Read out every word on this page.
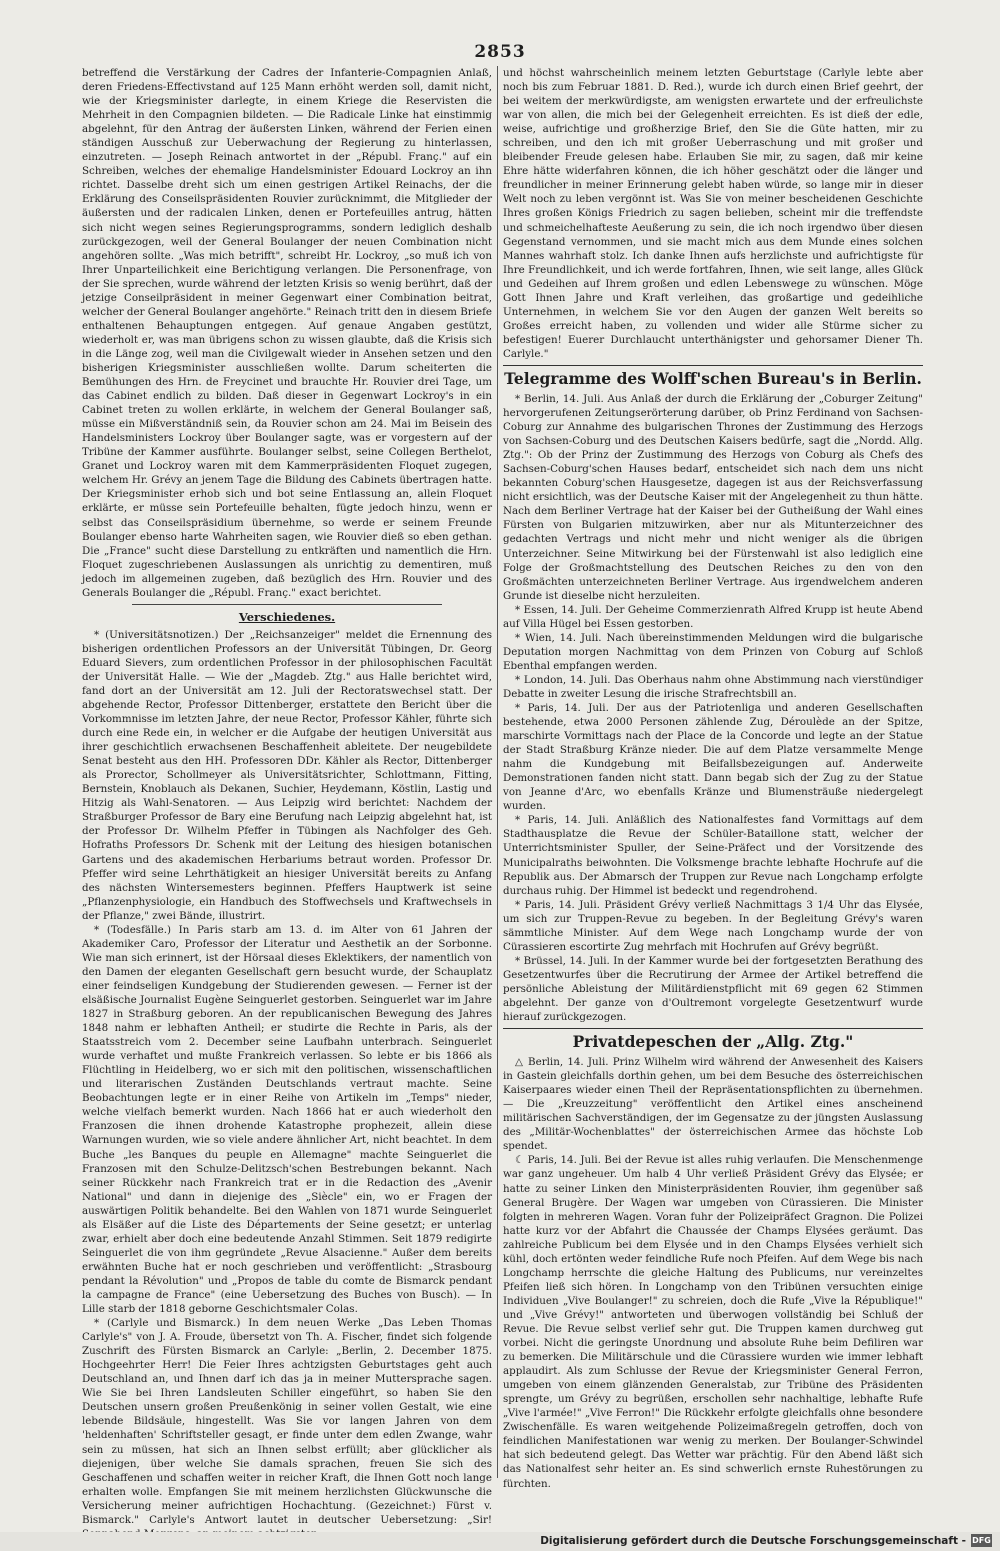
2853

betreffend die Verstärkung der Cadres der Infanterie-Compagnien Anlaß, deren Friedens-Effectivstand auf 125 Mann erhöht werden soll, damit nicht, wie der Kriegsminister darlegte, in einem Kriege die Reservisten die Mehrheit in den Compagnien bildeten. — Die Radicale Linke hat einstimmig abgelehnt, für den Antrag der äußersten Linken, während der Ferien einen ständigen Ausschuß zur Ueberwachung der Regierung zu hinterlassen, einzutreten. — Joseph Reinach antwortet in der „Républ. Franç." auf ein Schreiben, welches der ehemalige Handelsminister Edouard Lockroy an ihn richtet. Dasselbe dreht sich um einen gestrigen Artikel Reinachs, der die Erklärung des Conseilspräsidenten Rouvier zurücknimmt, die Mitglieder der äußersten und der radicalen Linken, denen er Portefeuilles antrug, hätten sich nicht wegen seines Regierungsprogramms, sondern lediglich deshalb zurückgezogen, weil der General Boulanger der neuen Combination nicht angehören sollte. „Was mich betrifft", schreibt Hr. Lockroy, „so muß ich von Ihrer Unparteilichkeit eine Berichtigung verlangen. Die Personenfrage, von der Sie sprechen, wurde während der letzten Krisis so wenig berührt, daß der jetzige Conseilpräsident in meiner Gegenwart einer Combination beitrat, welcher der General Boulanger angehörte." Reinach tritt den in diesem Briefe enthaltenen Behauptungen entgegen. Auf genaue Angaben gestützt, wiederholt er, was man übrigens schon zu wissen glaubte, daß die Krisis sich in die Länge zog, weil man die Civilgewalt wieder in Ansehen setzen und den bisherigen Kriegsminister ausschließen wollte. Darum scheiterten die Bemühungen des Hrn. de Freycinet und brauchte Hr. Rouvier drei Tage, um das Cabinet endlich zu bilden. Daß dieser in Gegenwart Lockroy's in ein Cabinet treten zu wollen erklärte, in welchem der General Boulanger saß, müsse ein Mißverständniß sein, da Rouvier schon am 24. Mai im Beisein des Handelsministers Lockroy über Boulanger sagte, was er vorgestern auf der Tribüne der Kammer ausführte. Boulanger selbst, seine Collegen Berthelot, Granet und Lockroy waren mit dem Kammerpräsidenten Floquet zugegen, welchem Hr. Grévy an jenem Tage die Bildung des Cabinets übertragen hatte. Der Kriegsminister erhob sich und bot seine Entlassung an, allein Floquet erklärte, er müsse sein Portefeuille behalten, fügte jedoch hinzu, wenn er selbst das Conseilspräsidium übernehme, so werde er seinem Freunde Boulanger ebenso harte Wahrheiten sagen, wie Rouvier dieß so eben gethan. Die „France" sucht diese Darstellung zu entkräften und namentlich die Hrn. Floquet zugeschriebenen Auslassungen als unrichtig zu dementiren, muß jedoch im allgemeinen zugeben, daß bezüglich des Hrn. Rouvier und des Generals Boulanger die „Républ. Franç." exact berichtet.

Verschiedenes.

* (Universitätsnotizen.) Der „Reichsanzeiger" meldet die Ernennung des bisherigen ordentlichen Professors an der Universität Tübingen, Dr. Georg Eduard Sievers, zum ordentlichen Professor in der philosophischen Facultät der Universität Halle. — Wie der „Magdeb. Ztg." aus Halle berichtet wird, fand dort an der Universität am 12. Juli der Rectoratswechsel statt. Der abgehende Rector, Professor Dittenberger, erstattete den Bericht über die Vorkommnisse im letzten Jahre, der neue Rector, Professor Kähler, führte sich durch eine Rede ein, in welcher er die Aufgabe der heutigen Universität aus ihrer geschichtlich erwachsenen Beschaffenheit ableitete. Der neugebildete Senat besteht aus den HH. Professoren DDr. Kähler als Rector, Dittenberger als Prorector, Schollmeyer als Universitätsrichter, Schlottmann, Fitting, Bernstein, Knoblauch als Dekanen, Suchier, Heydemann, Köstlin, Lastig und Hitzig als Wahl-Senatoren. — Aus Leipzig wird berichtet: Nachdem der Straßburger Professor de Bary eine Berufung nach Leipzig abgelehnt hat, ist der Professor Dr. Wilhelm Pfeffer in Tübingen als Nachfolger des Geh. Hofraths Professors Dr. Schenk mit der Leitung des hiesigen botanischen Gartens und des akademischen Herbariums betraut worden. Professor Dr. Pfeffer wird seine Lehrthätigkeit an hiesiger Universität bereits zu Anfang des nächsten Wintersemesters beginnen. Pfeffers Hauptwerk ist seine „Pflanzenphysiologie, ein Handbuch des Stoffwechsels und Kraftwechsels in der Pflanze," zwei Bände, illustrirt.

* (Todesfälle.) In Paris starb am 13. d. im Alter von 61 Jahren der Akademiker Caro, Professor der Literatur und Aesthetik an der Sorbonne. Wie man sich erinnert, ist der Hörsaal dieses Eklektikers, der namentlich von den Damen der eleganten Gesellschaft gern besucht wurde, der Schauplatz einer feindseligen Kundgebung der Studierenden gewesen. — Ferner ist der elsäßische Journalist Eugène Seinguerlet gestorben. Seinguerlet war im Jahre 1827 in Straßburg geboren. An der republicanischen Bewegung des Jahres 1848 nahm er lebhaften Antheil; er studirte die Rechte in Paris, als der Staatsstreich vom 2. December seine Laufbahn unterbrach. Seinguerlet wurde verhaftet und mußte Frankreich verlassen. So lebte er bis 1866 als Flüchtling in Heidelberg, wo er sich mit den politischen, wissenschaftlichen und literarischen Zuständen Deutschlands vertraut machte. Seine Beobachtungen legte er in einer Reihe von Artikeln im „Temps" nieder, welche vielfach bemerkt wurden. Nach 1866 hat er auch wiederholt den Franzosen die ihnen drohende Katastrophe prophezeit, allein diese Warnungen wurden, wie so viele andere ähnlicher Art, nicht beachtet. In dem Buche „les Banques du peuple en Allemagne" machte Seinguerlet die Franzosen mit den Schulze-Delitzsch'schen Bestrebungen bekannt. Nach seiner Rückkehr nach Frankreich trat er in die Redaction des „Avenir National" und dann in diejenige des „Siècle" ein, wo er Fragen der auswärtigen Politik behandelte. Bei den Wahlen von 1871 wurde Seinguerlet als Elsäßer auf die Liste des Départements der Seine gesetzt; er unterlag zwar, erhielt aber doch eine bedeutende Anzahl Stimmen. Seit 1879 redigirte Seinguerlet die von ihm gegründete „Revue Alsacienne." Außer dem bereits erwähnten Buche hat er noch geschrieben und veröffentlicht: „Strasbourg pendant la Révolution" und „Propos de table du comte de Bismarck pendant la campagne de France" (eine Uebersetzung des Buches von Busch). — In Lille starb der 1818 geborne Geschichtsmaler Colas.

* (Carlyle und Bismarck.) In dem neuen Werke „Das Leben Thomas Carlyle's" von J. A. Froude, übersetzt von Th. A. Fischer, findet sich folgende Zuschrift des Fürsten Bismarck an Carlyle: „Berlin, 2. December 1875. Hochgeehrter Herr! Die Feier Ihres achtzigsten Geburtstages geht auch Deutschland an, und Ihnen darf ich das ja in meiner Muttersprache sagen. Wie Sie bei Ihren Landsleuten Schiller eingeführt, so haben Sie den Deutschen unsern großen Preußenkönig in seiner vollen Gestalt, wie eine lebende Bildsäule, hingestellt. Was Sie vor langen Jahren von dem 'heldenhaften' Schriftsteller gesagt, er finde unter dem edlen Zwange, wahr sein zu müssen, hat sich an Ihnen selbst erfüllt; aber glücklicher als diejenigen, über welche Sie damals sprachen, freuen Sie sich des Geschaffenen und schaffen weiter in reicher Kraft, die Ihnen Gott noch lange erhalten wolle. Empfangen Sie mit meinem herzlichsten Glückwunsche die Versicherung meiner aufrichtigen Hochachtung. (Gezeichnet:) Fürst v. Bismarck." Carlyle's Antwort lautet in deutscher Uebersetzung: „Sir!

und höchst wahrscheinlich meinem letzten Geburtstage (Carlyle lebte aber noch bis zum Februar 1881. D. Red.), wurde ich durch einen Brief geehrt, der bei weitem der merkwürdigste, am wenigsten erwartete und der erfreulichste war von allen, die mich bei der Gelegenheit erreichten. Es ist dieß der edle, weise, aufrichtige und großherzige Brief, den Sie die Güte hatten, mir zu schreiben, und den ich mit großer Ueberraschung und mit großer und bleibender Freude gelesen habe. Erlauben Sie mir, zu sagen, daß mir keine Ehre hätte widerfahren können, die ich höher geschätzt oder die länger und freundlicher in meiner Erinnerung gelebt haben würde, so lange mir in dieser Welt noch zu leben vergönnt ist. Was Sie von meiner bescheidenen Geschichte Ihres großen Königs Friedrich zu sagen belieben, scheint mir die treffendste und schmeichelhafteste Aeußerung zu sein, die ich noch irgendwo über diesen Gegenstand vernommen, und sie macht mich aus dem Munde eines solchen Mannes wahrhaft stolz. Ich danke Ihnen aufs herzlichste und aufrichtigste für Ihre Freundlichkeit, und ich werde fortfahren, Ihnen, wie seit lange, alles Glück und Gedeihen auf Ihrem großen und edlen Lebenswege zu wünschen. Möge Gott Ihnen Jahre und Kraft verleihen, das großartige und gedeihliche Unternehmen, in welchem Sie vor den Augen der ganzen Welt bereits so Großes erreicht haben, zu vollenden und wider alle Stürme sicher zu befestigen! Euerer Durchlaucht unterthänigster und gehorsamer Diener Th. Carlyle."

Telegramme des Wolff'schen Bureau's in Berlin.

* Berlin, 14. Juli. Aus Anlaß der durch die Erklärung der „Coburger Zeitung" hervorgerufenen Zeitungserörterung darüber, ob Prinz Ferdinand von Sachsen-Coburg zur Annahme des bulgarischen Thrones der Zustimmung des Herzogs von Sachsen-Coburg und des Deutschen Kaisers bedürfe, sagt die „Nordd. Allg. Ztg.": Ob der Prinz der Zustimmung des Herzogs von Coburg als Chefs des Sachsen-Coburg'schen Hauses bedarf, entscheidet sich nach dem uns nicht bekannten Coburg'schen Hausgesetze, dagegen ist aus der Reichsverfassung nicht ersichtlich, was der Deutsche Kaiser mit der Angelegenheit zu thun hätte. Nach dem Berliner Vertrage hat der Kaiser bei der Gutheißung der Wahl eines Fürsten von Bulgarien mitzuwirken, aber nur als Mitunterzeichner des gedachten Vertrags und nicht mehr und nicht weniger als die übrigen Unterzeichner. Seine Mitwirkung bei der Fürstenwahl ist also lediglich eine Folge der Großmachtstellung des Deutschen Reiches zu den von den Großmächten unterzeichneten Berliner Vertrage. Aus irgendwelchem anderen Grunde ist dieselbe nicht herzuleiten.

* Essen, 14. Juli. Der Geheime Commerzienrath Alfred Krupp ist heute Abend auf Villa Hügel bei Essen gestorben.

* Wien, 14. Juli. Nach übereinstimmenden Meldungen wird die bulgarische Deputation morgen Nachmittag von dem Prinzen von Coburg auf Schloß Ebenthal empfangen werden.

* London, 14. Juli. Das Oberhaus nahm ohne Abstimmung nach vierstündiger Debatte in zweiter Lesung die irische Strafrechtsbill an.

* Paris, 14. Juli. Der aus der Patriotenliga und anderen Gesellschaften bestehende, etwa 2000 Personen zählende Zug, Déroulède an der Spitze, marschirte Vormittags nach der Place de la Concorde und legte an der Statue der Stadt Straßburg Kränze nieder. Die auf dem Platze versammelte Menge nahm die Kundgebung mit Beifallsbezeigungen auf. Anderweite Demonstrationen fanden nicht statt. Dann begab sich der Zug zu der Statue von Jeanne d'Arc, wo ebenfalls Kränze und Blumensträuße niedergelegt wurden.

* Paris, 14. Juli. Anläßlich des Nationalfestes fand Vormittags auf dem Stadthausplatze die Revue der Schüler-Bataillone statt, welcher der Unterrichtsminister Spuller, der Seine-Präfect und der Vorsitzende des Municipalraths beiwohnten. Die Volksmenge brachte lebhafte Hochrufe auf die Republik aus. Der Abmarsch der Truppen zur Revue nach Longchamp erfolgte durchaus ruhig. Der Himmel ist bedeckt und regendrohend.

* Paris, 14. Juli. Präsident Grévy verließ Nachmittags 3 1/4 Uhr das Elysée, um sich zur Truppen-Revue zu begeben. In der Begleitung Grévy's waren sämmtliche Minister. Auf dem Wege nach Longchamp wurde der von Cürassieren escortirte Zug mehrfach mit Hochrufen auf Grévy begrüßt.

* Brüssel, 14. Juli. In der Kammer wurde bei der fortgesetzten Berathung des Gesetzentwurfes über die Recrutirung der Armee der Artikel betreffend die persönliche Ableistung der Militärdienstpflicht mit 69 gegen 62 Stimmen abgelehnt. Der ganze von d'Oultremont vorgelegte Gesetzentwurf wurde hierauf zurückgezogen.

Privatdepeschen der „Allg. Ztg."

△ Berlin, 14. Juli. Prinz Wilhelm wird während der Anwesenheit des Kaisers in Gastein gleichfalls dorthin gehen, um bei dem Besuche des österreichischen Kaiserpaares wieder einen Theil der Repräsentationspflichten zu übernehmen. — Die „Kreuzzeitung" veröffentlicht den Artikel eines anscheinend militärischen Sachverständigen, der im Gegensatze zu der jüngsten Auslassung des „Militär-Wochenblattes" der österreichischen Armee das höchste Lob spendet.

☾ Paris, 14. Juli. Bei der Revue ist alles ruhig verlaufen. Die Menschenmenge war ganz ungeheuer. Um halb 4 Uhr verließ Präsident Grévy das Elysée; er hatte zu seiner Linken den Ministerpräsidenten Rouvier, ihm gegenüber saß General Brugère. Der Wagen war umgeben von Cürassieren. Die Minister folgten in mehreren Wagen. Voran fuhr der Polizeipräfect Gragnon. Die Polizei hatte kurz vor der Abfahrt die Chaussée der Champs Elysées geräumt. Das zahlreiche Publicum bei dem Elysée und in den Champs Elysées verhielt sich kühl, doch ertönten weder feindliche Rufe noch Pfeifen. Auf dem Wege bis nach Longchamp herrschte die gleiche Haltung des Publicums, nur vereinzeltes Pfeifen ließ sich hören. In Longchamp von den Tribünen versuchten einige Individuen „Vive Boulanger!" zu schreien, doch die Rufe „Vive la République!" und „Vive Grévy!" antworteten und überwogen vollständig bei Schluß der Revue. Die Revue selbst verlief sehr gut. Die Truppen kamen durchweg gut vorbei. Nicht die geringste Unordnung und absolute Ruhe beim Defiliren war zu bemerken. Die Militärschule und die Cürassiere wurden wie immer lebhaft applaudirt. Als zum Schlusse der Revue der Kriegsminister General Ferron, umgeben von einem glänzenden Generalstab, zur Tribüne des Präsidenten sprengte, um Grévy zu begrüßen, erschollen sehr nachhaltige, lebhafte Rufe „Vive l'armée!" „Vive Ferron!" Die Rückkehr erfolgte gleichfalls ohne besondere Zwischenfälle. Es waren weitgehende Polizeimaßregeln getroffen, doch von feindlichen Manifestationen war wenig zu merken. Der Boulanger-Schwindel hat sich bedeutend gelegt. Das Wetter war prächtig. Für den Abend läßt sich das Nationalfest sehr heiter an. Es sind schwerlich ernste Ruhestörungen zu fürchten.

Digitalisierung gefördert durch die Deutsche Forschungsgemeinschaft - DFG
